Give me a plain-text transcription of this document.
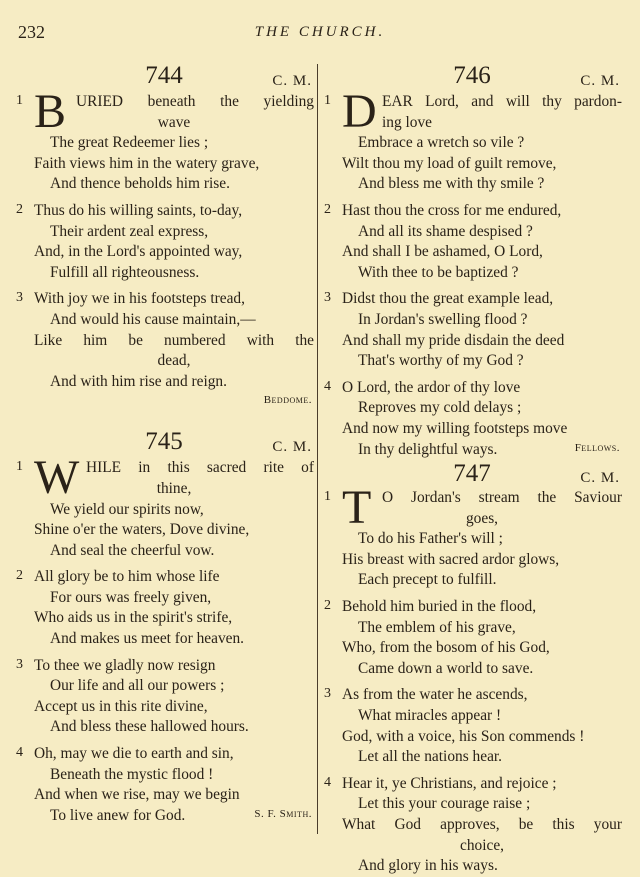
232	THE CHURCH.
744	C. M.
1 B URIED beneath the yielding
wave
The great Redeemer lies ;
Faith views him in the watery grave,
And thence beholds him rise.
2 Thus do his willing saints, to-day,
Their ardent zeal express,
And, in the Lord's appointed way,
Fulfill all righteousness.
3 With joy we in his footsteps tread,
And would his cause maintain,—
Like him be numbered with the
dead,
And with him rise and reign.
Beddome.
745	C. M.
1 W HILE in this sacred rite of
thine,
We yield our spirits now,
Shine o'er the waters, Dove divine,
And seal the cheerful vow.
2 All glory be to him whose life
For ours was freely given,
Who aids us in the spirit's strife,
And makes us meet for heaven.
3 To thee we gladly now resign
Our life and all our powers ;
Accept us in this rite divine,
And bless these hallowed hours.
4 Oh, may we die to earth and sin,
Beneath the mystic flood !
And when we rise, may we begin
To live anew for God.	S. F. Smith.
746	C. M.
1 D EAR Lord, and will thy pardon-
ing love
Embrace a wretch so vile ?
Wilt thou my load of guilt remove,
And bless me with thy smile ?
2 Hast thou the cross for me endured,
And all its shame despised ?
And shall I be ashamed, O Lord,
With thee to be baptized ?
3 Didst thou the great example lead,
In Jordan's swelling flood ?
And shall my pride disdain the deed
That's worthy of my God ?
4 O Lord, the ardor of thy love
Reproves my cold delays ;
And now my willing footsteps move
In thy delightful ways.	Fellows.
747	C. M.
1 T O Jordan's stream the Saviour
goes,
To do his Father's will ;
His breast with sacred ardor glows,
Each precept to fulfill.
2 Behold him buried in the flood,
The emblem of his grave,
Who, from the bosom of his God,
Came down a world to save.
3 As from the water he ascends,
What miracles appear !
God, with a voice, his Son commends !
Let all the nations hear.
4 Hear it, ye Christians, and rejoice ;
Let this your courage raise ;
What God approves, be this your
choice,
And glory in his ways.
